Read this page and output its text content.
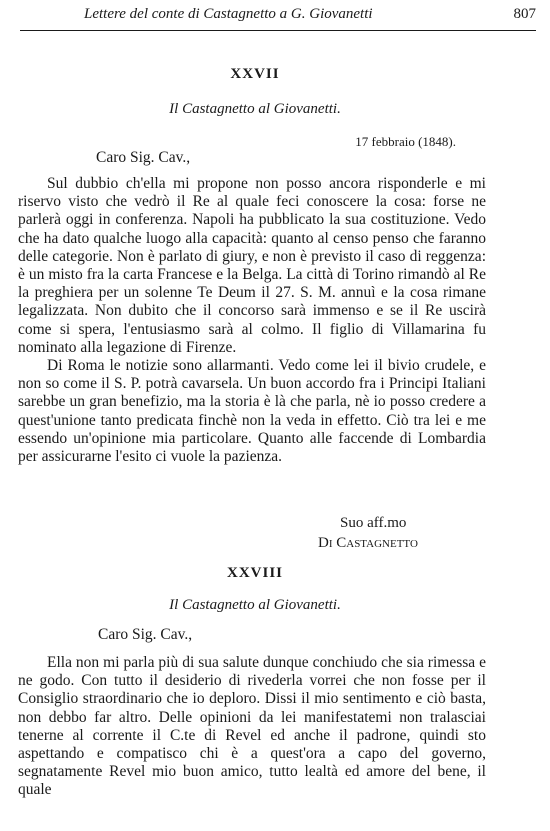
Lettere del conte di Castagnetto a G. Giovanetti	807
XXVII
Il Castagnetto al Giovanetti.
17 febbraio (1848).
Caro Sig. Cav.,

Sul dubbio ch'ella mi propone non posso ancora risponderle e mi riservo visto che vedrò il Re al quale feci conoscere la cosa: forse ne parlerà oggi in conferenza. Napoli ha pubblicato la sua costituzione. Vedo che ha dato qualche luogo alla capacità: quanto al censo penso che faranno delle categorie. Non è parlato di giury, e non è previsto il caso di reggenza: è un misto fra la carta Francese e la Belga. La città di Torino rimandò al Re la preghiera per un solenne Te Deum il 27. S. M. annuì e la cosa rimane legalizzata. Non dubito che il concorso sarà immenso e se il Re uscirà come si spera, l'entusiasmo sarà al colmo. Il figlio di Villamarina fu nominato alla legazione di Firenze.

Di Roma le notizie sono allarmanti. Vedo come lei il bivio crudele, e non so come il S. P. potrà cavarsela. Un buon accordo fra i Principi Italiani sarebbe un gran benefizio, ma la storia è là che parla, nè io posso credere a quest'unione tanto predicata finchè non la veda in effetto. Ciò tra lei e me essendo un'opinione mia particolare. Quanto alle faccende di Lombardia per assicurarne l'esito ci vuole la pazienza.

Suo aff.mo
Di Castagnetto
XXVIII
Il Castagnetto al Giovanetti.
Caro Sig. Cav.,

Ella non mi parla più di sua salute dunque conchiudo che sia rimessa e ne godo. Con tutto il desiderio di rivederla vorrei che non fosse per il Consiglio straordinario che io deploro. Dissi il mio sentimento e ciò basta, non debbo far altro. Delle opinioni da lei manifestatemi non tralasciai tenerne al corrente il C.te di Revel ed anche il padrone, quindi sto aspettando e compatisco chi è a quest'ora a capo del governo, segnatamente Revel mio buon amico, tutto lealtà ed amore del bene, il quale
